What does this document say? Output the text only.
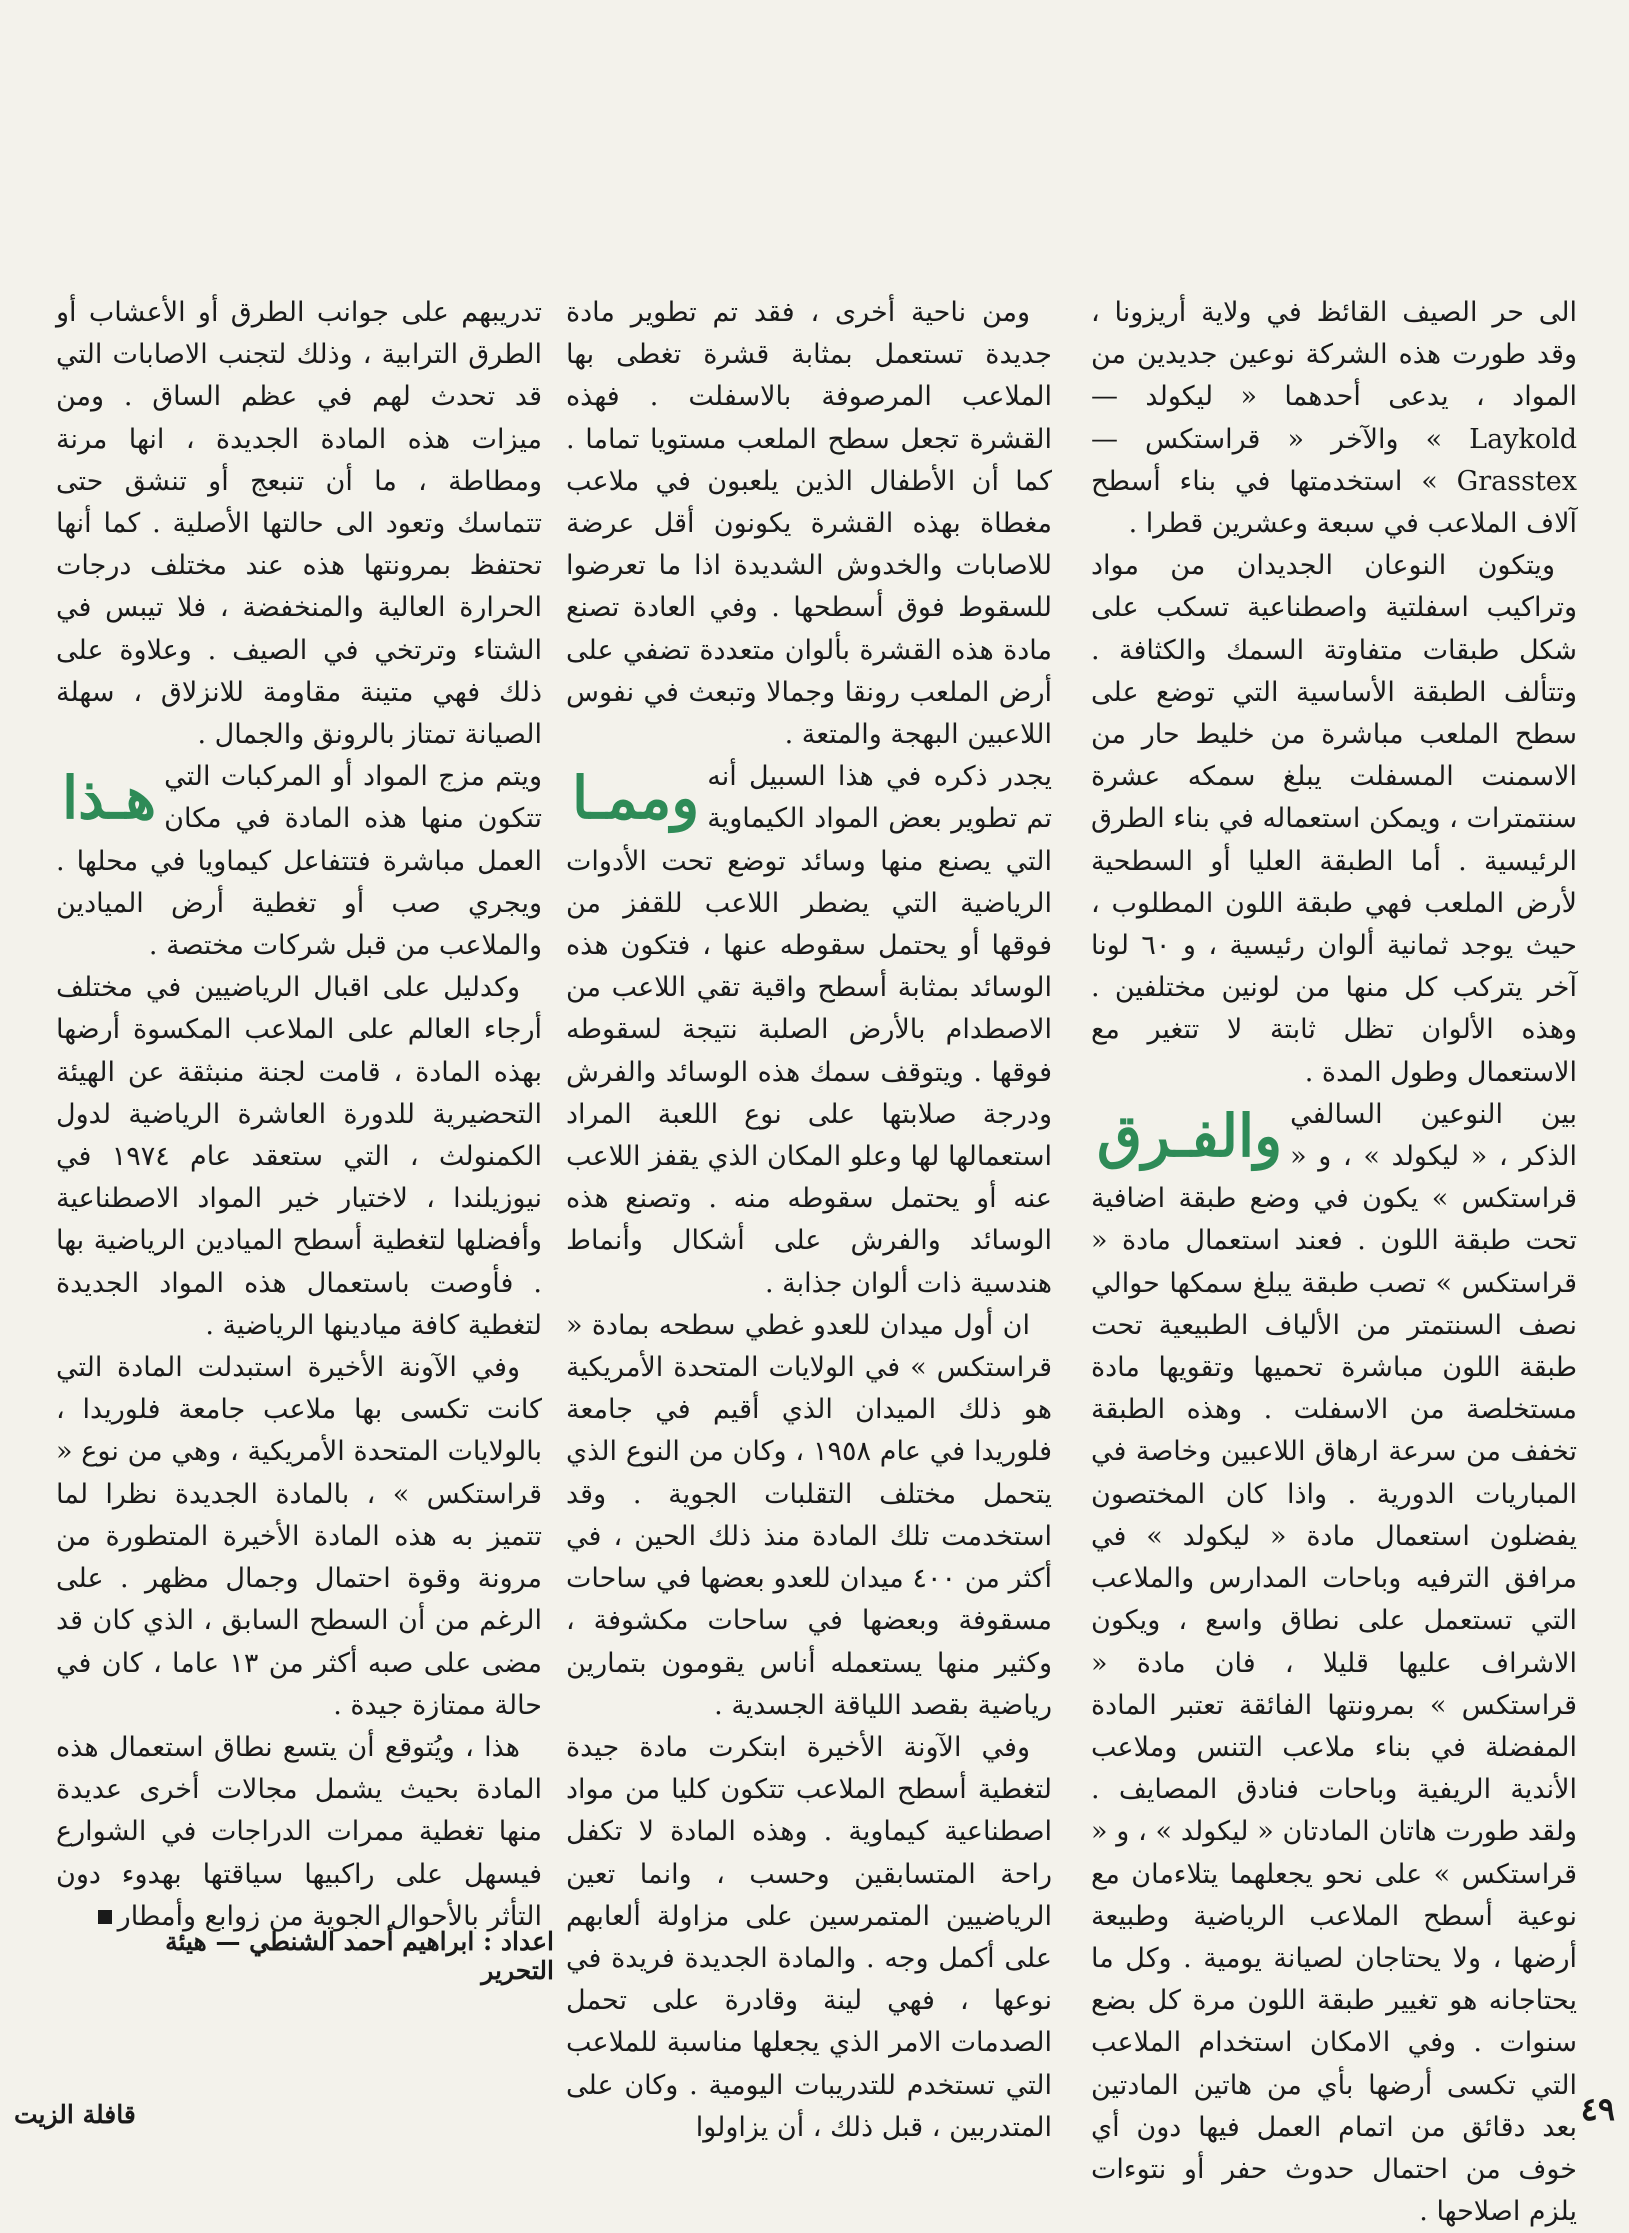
الى حر الصيف القائظ في ولاية أريزونا ، وقد طورت هذه الشركة نوعين جديدين من المواد ، يدعى أحدهما « ليكولد — Laykold » والآخر « قراستكس — Grasstex » استخدمتها في بناء أسطح آلاف الملاعب في سبعة وعشرين قطرا .

ويتكون النوعان الجديدان من مواد وتراكيب اسفلتية واصطناعية تسكب على شكل طبقات متفاوتة السمك والكثافة . وتتألف الطبقة الأساسية التي توضع على سطح الملعب مباشرة من خليط حار من الاسمنت المسفلت يبلغ سمكه عشرة سنتمترات ، ويمكن استعماله في بناء الطرق الرئيسية . أما الطبقة العليا أو السطحية لأرض الملعب فهي طبقة اللون المطلوب ، حيث يوجد ثمانية ألوان رئيسية ، و ٦٠ لونا آخر يتركب كل منها من لونين مختلفين . وهذه الألوان تظل ثابتة لا تتغير مع الاستعمال وطول المدة .

والفـرق بين النوعين السالفي الذكر ، « ليكولد » ، و « قراستكس » يكون في وضع طبقة اضافية تحت طبقة اللون . فعند استعمال مادة « قراستكس » تصب طبقة يبلغ سمكها حوالي نصف السنتمتر من الألياف الطبيعية تحت طبقة اللون مباشرة تحميها وتقويها مادة مستخلصة من الاسفلت . وهذه الطبقة تخفف من سرعة ارهاق اللاعبين وخاصة في المباريات الدورية . واذا كان المختصون يفضلون استعمال مادة « ليكولد » في مرافق الترفيه وباحات المدارس والملاعب التي تستعمل على نطاق واسع ، ويكون الاشراف عليها قليلا ، فان مادة « قراستكس » بمرونتها الفائقة تعتبر المادة المفضلة في بناء ملاعب التنس وملاعب الأندية الريفية وباحات فنادق المصايف . ولقد طورت هاتان المادتان « ليكولد » ، و « قراستكس » على نحو يجعلهما يتلاءمان مع نوعية أسطح الملاعب الرياضية وطبيعة أرضها ، ولا يحتاجان لصيانة يومية . وكل ما يحتاجانه هو تغيير طبقة اللون مرة كل بضع سنوات . وفي الامكان استخدام الملاعب التي تكسى أرضها بأي من هاتين المادتين بعد دقائق من اتمام العمل فيها دون أي خوف من احتمال حدوث حفر أو نتوءات يلزم اصلاحها .

ومن ناحية أخرى ، فقد تم تطوير مادة جديدة تستعمل بمثابة قشرة تغطى بها الملاعب المرصوفة بالاسفلت . فهذه القشرة تجعل سطح الملعب مستويا تماما . كما أن الأطفال الذين يلعبون في ملاعب مغطاة بهذه القشرة يكونون أقل عرضة للاصابات والخدوش الشديدة اذا ما تعرضوا للسقوط فوق أسطحها . وفي العادة تصنع مادة هذه القشرة بألوان متعددة تضفي على أرض الملعب رونقا وجمالا وتبعث في نفوس اللاعبين البهجة والمتعة .

وممـا يجدر ذكره في هذا السبيل أنه تم تطوير بعض المواد الكيماوية التي يصنع منها وسائد توضع تحت الأدوات الرياضية التي يضطر اللاعب للقفز من فوقها أو يحتمل سقوطه عنها ، فتكون هذه الوسائد بمثابة أسطح واقية تقي اللاعب من الاصطدام بالأرض الصلبة نتيجة لسقوطه فوقها . ويتوقف سمك هذه الوسائد والفرش ودرجة صلابتها على نوع اللعبة المراد استعمالها لها وعلو المكان الذي يقفز اللاعب عنه أو يحتمل سقوطه منه . وتصنع هذه الوسائد والفرش على أشكال وأنماط هندسية ذات ألوان جذابة .

ان أول ميدان للعدو غطي سطحه بمادة « قراستكس » في الولايات المتحدة الأمريكية هو ذلك الميدان الذي أقيم في جامعة فلوريدا في عام ١٩٥٨ ، وكان من النوع الذي يتحمل مختلف التقلبات الجوية . وقد استخدمت تلك المادة منذ ذلك الحين ، في أكثر من ٤٠٠ ميدان للعدو بعضها في ساحات مسقوفة وبعضها في ساحات مكشوفة ، وكثير منها يستعمله أناس يقومون بتمارين رياضية بقصد اللياقة الجسدية .

وفي الآونة الأخيرة ابتكرت مادة جيدة لتغطية أسطح الملاعب تتكون كليا من مواد اصطناعية كيماوية . وهذه المادة لا تكفل راحة المتسابقين وحسب ، وانما تعين الرياضيين المتمرسين على مزاولة ألعابهم على أكمل وجه . والمادة الجديدة فريدة في نوعها ، فهي لينة وقادرة على تحمل الصدمات الامر الذي يجعلها مناسبة للملاعب التي تستخدم للتدريبات اليومية . وكان على المتدربين ، قبل ذلك ، أن يزاولوا

تدريبهم على جوانب الطرق أو الأعشاب أو الطرق الترابية ، وذلك لتجنب الاصابات التي قد تحدث لهم في عظم الساق . ومن ميزات هذه المادة الجديدة ، انها مرنة ومطاطة ، ما أن تنبعج أو تنشق حتى تتماسك وتعود الى حالتها الأصلية . كما أنها تحتفظ بمرونتها هذه عند مختلف درجات الحرارة العالية والمنخفضة ، فلا تيبس في الشتاء وترتخي في الصيف . وعلاوة على ذلك فهي متينة مقاومة للانزلاق ، سهلة الصيانة تمتاز بالرونق والجمال .

هـذا ويتم مزج المواد أو المركبات التي تتكون منها هذه المادة في مكان العمل مباشرة فتتفاعل كيماويا في محلها . ويجري صب أو تغطية أرض الميادين والملاعب من قبل شركات مختصة .

وكدليل على اقبال الرياضيين في مختلف أرجاء العالم على الملاعب المكسوة أرضها بهذه المادة ، قامت لجنة منبثقة عن الهيئة التحضيرية للدورة العاشرة الرياضية لدول الكمنولث ، التي ستعقد عام ١٩٧٤ في نيوزيلندا ، لاختيار خير المواد الاصطناعية وأفضلها لتغطية أسطح الميادين الرياضية بها . فأوصت باستعمال هذه المواد الجديدة لتغطية كافة ميادينها الرياضية .

وفي الآونة الأخيرة استبدلت المادة التي كانت تكسى بها ملاعب جامعة فلوريدا ، بالولايات المتحدة الأمريكية ، وهي من نوع « قراستكس » ، بالمادة الجديدة نظرا لما تتميز به هذه المادة الأخيرة المتطورة من مرونة وقوة احتمال وجمال مظهر . على الرغم من أن السطح السابق ، الذي كان قد مضى على صبه أكثر من ١٣ عاما ، كان في حالة ممتازة جيدة .

هذا ، ويُتوقع أن يتسع نطاق استعمال هذه المادة بحيث يشمل مجالات أخرى عديدة منها تغطية ممرات الدراجات في الشوارع فيسهل على راكبيها سياقتها بهدوء دون التأثر بالأحوال الجوية من زوابع وأمطار

اعداد : ابراهيم أحمد الشنطي — هيئة التحرير
قافلة الزيت	٤٩
